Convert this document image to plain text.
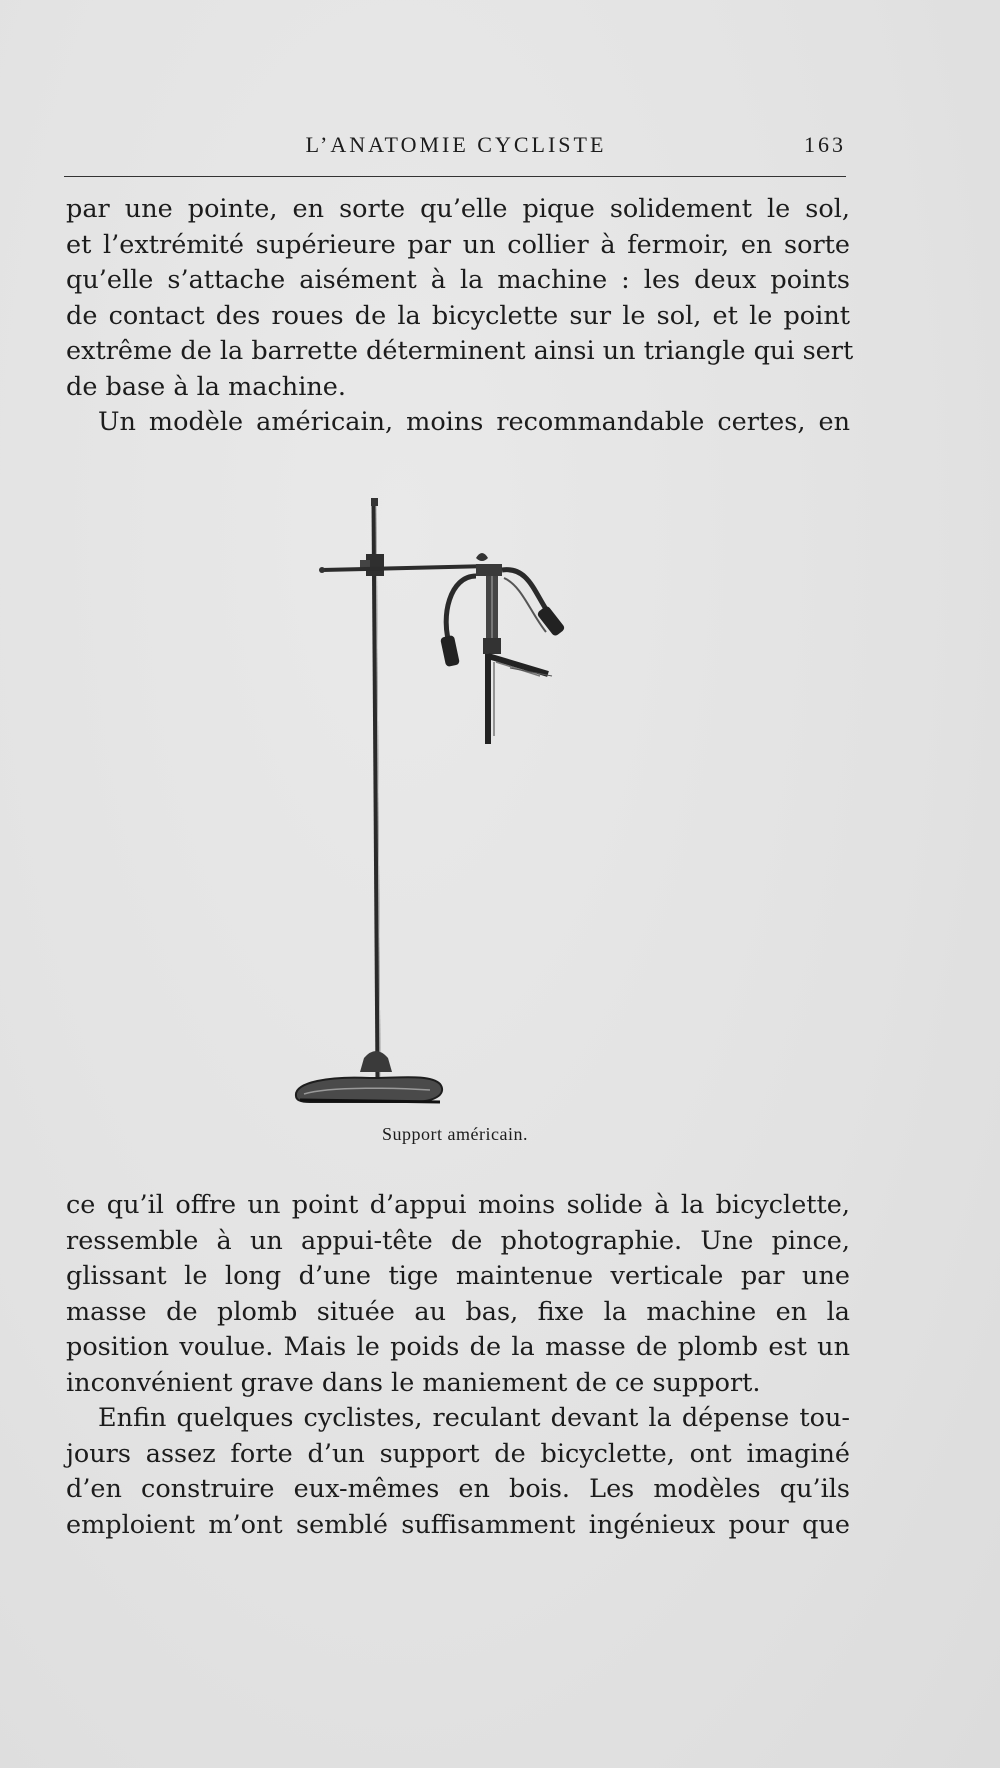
L’ANATOMIE CYCLISTE	163
par une pointe, en sorte qu’elle pique solidement le sol,
et l’extrémité supérieure par un collier à fermoir, en sorte
qu’elle s’attache aisément à la machine : les deux points
de contact des roues de la bicyclette sur le sol, et le point
extrême de la barrette déterminent ainsi un triangle qui sert
de base à la machine.
Un modèle américain, moins recommandable certes, en
Support américain.
ce qu’il offre un point d’appui moins solide à la bicyclette,
ressemble à un appui-tête de photographie. Une pince,
glissant le long d’une tige maintenue verticale par une
masse de plomb située au bas, fixe la machine en la
position voulue. Mais le poids de la masse de plomb est un
inconvénient grave dans le maniement de ce support.
Enfin quelques cyclistes, reculant devant la dépense tou-
jours assez forte d’un support de bicyclette, ont imaginé
d’en construire eux-mêmes en bois. Les modèles qu’ils
emploient m’ont semblé suffisamment ingénieux pour que
